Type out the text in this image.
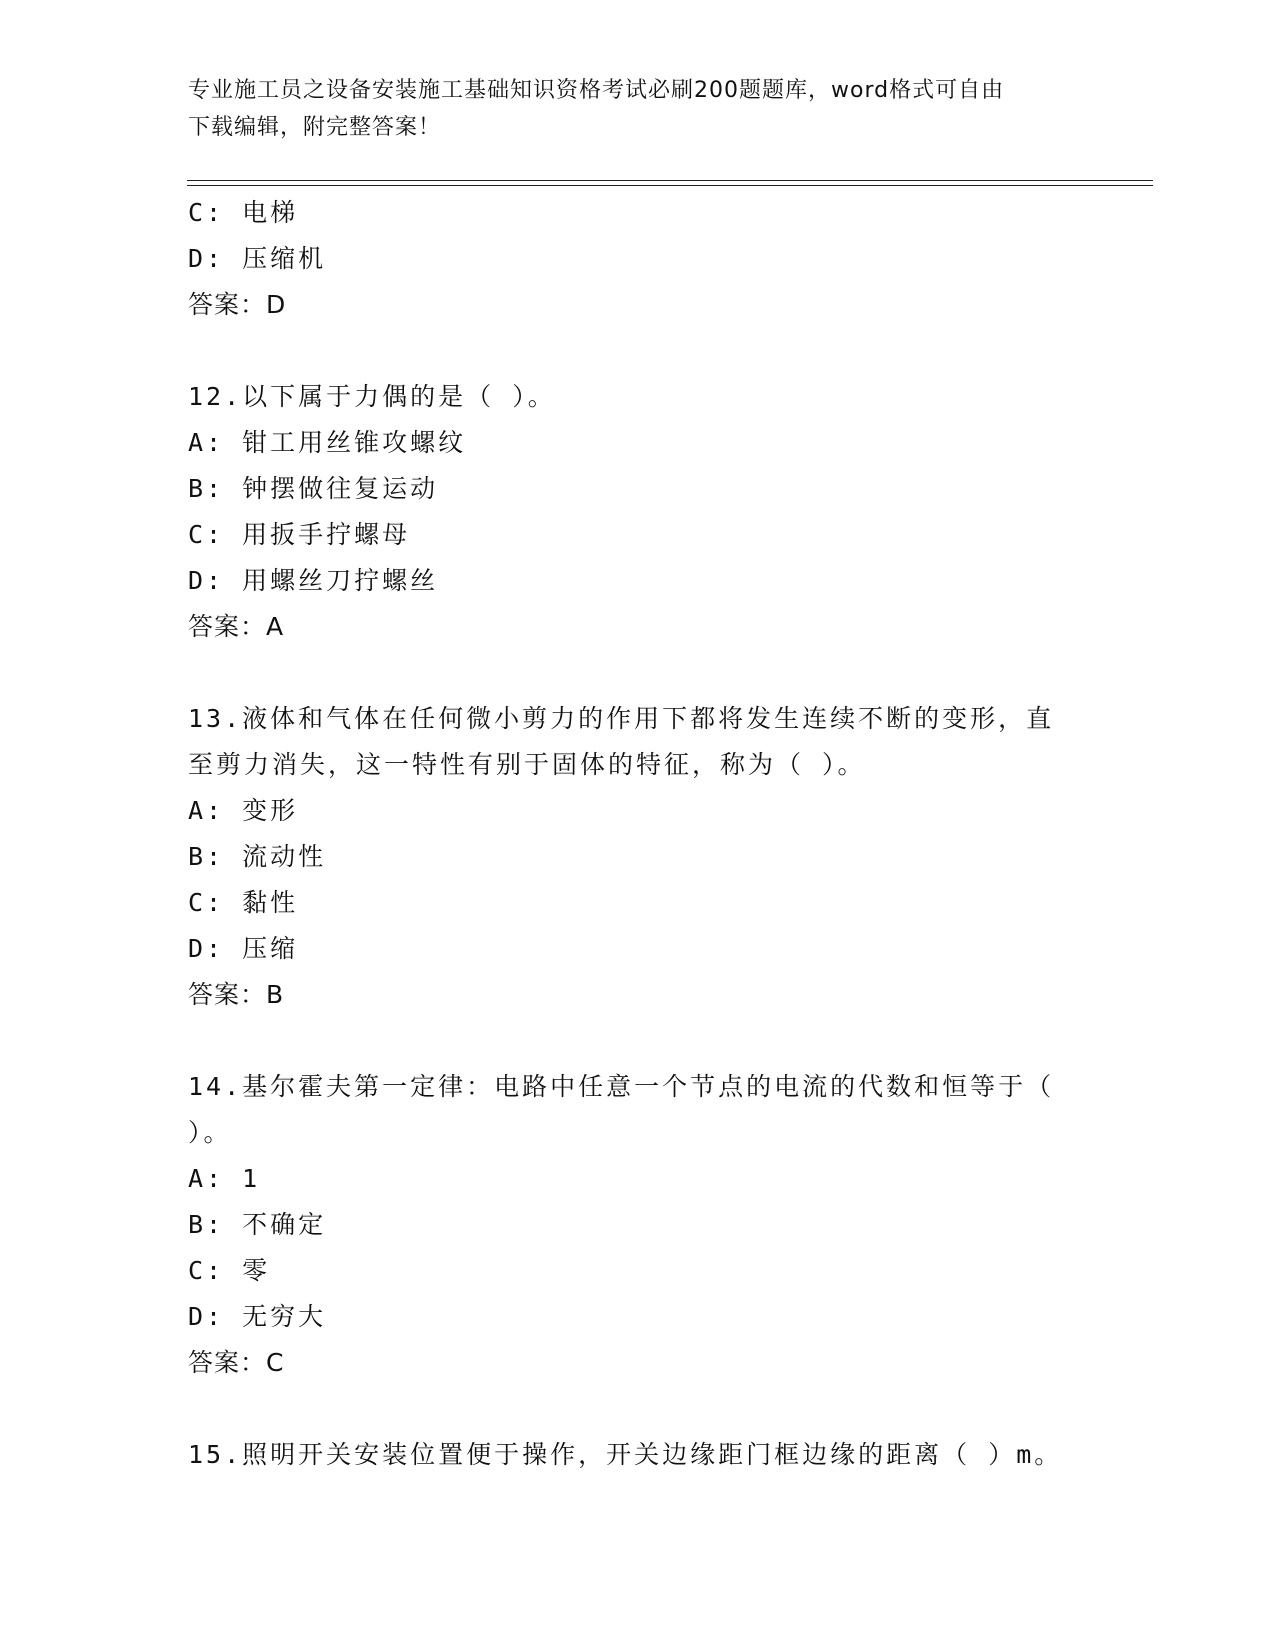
专业施工员之设备安装施工基础知识资格考试必刷200题题库，word格式可自由
下载编辑，附完整答案！
C: 电梯
D: 压缩机
答案：D
12.以下属于力偶的是（ ）。
A: 钳工用丝锥攻螺纹
B: 钟摆做往复运动
C: 用扳手拧螺母
D: 用螺丝刀拧螺丝
答案：A
13.液体和气体在任何微小剪力的作用下都将发生连续不断的变形，直
至剪力消失，这一特性有别于固体的特征，称为（ ）。
A: 变形
B: 流动性
C: 黏性
D: 压缩
答案：B
14.基尔霍夫第一定律：电路中任意一个节点的电流的代数和恒等于（
）。
A: 1
B: 不确定
C: 零
D: 无穷大
答案：C
15.照明开关安装位置便于操作，开关边缘距门框边缘的距离（ ）m。
